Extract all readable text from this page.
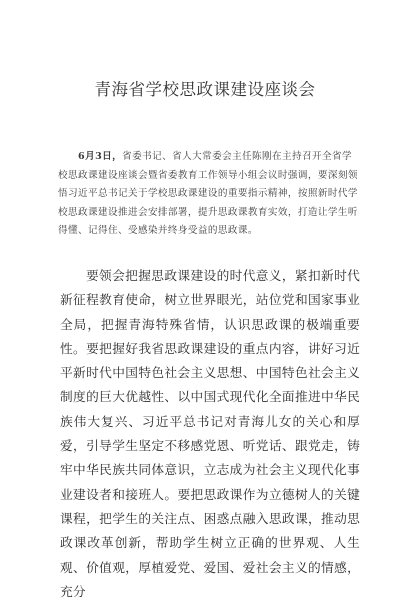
青海省学校思政课建设座谈会
6月3日，省委书记、省人大常委会主任陈刚在主持召开全省学校思政课建设座谈会暨省委教育工作领导小组会议时强调，要深刻领悟习近平总书记关于学校思政课建设的重要指示精神，按照新时代学校思政课建设推进会安排部署，提升思政课教育实效，打造让学生听得懂、记得住、受感染并终身受益的思政课。
要领会把握思政课建设的时代意义，紧扣新时代新征程教育使命，树立世界眼光，站位党和国家事业全局，把握青海特殊省情，认识思政课的极端重要性。要把握好我省思政课建设的重点内容，讲好习近平新时代中国特色社会主义思想、中国特色社会主义制度的巨大优越性、以中国式现代化全面推进中华民族伟大复兴、习近平总书记对青海儿女的关心和厚爱，引导学生坚定不移感党恩、听党话、跟党走，铸牢中华民族共同体意识，立志成为社会主义现代化事业建设者和接班人。要把思政课作为立德树人的关键课程，把学生的关注点、困惑点融入思政课，推动思政课改革创新，帮助学生树立正确的世界观、人生观、价值观，厚植爱党、爱国、爱社会主义的情感，充分
